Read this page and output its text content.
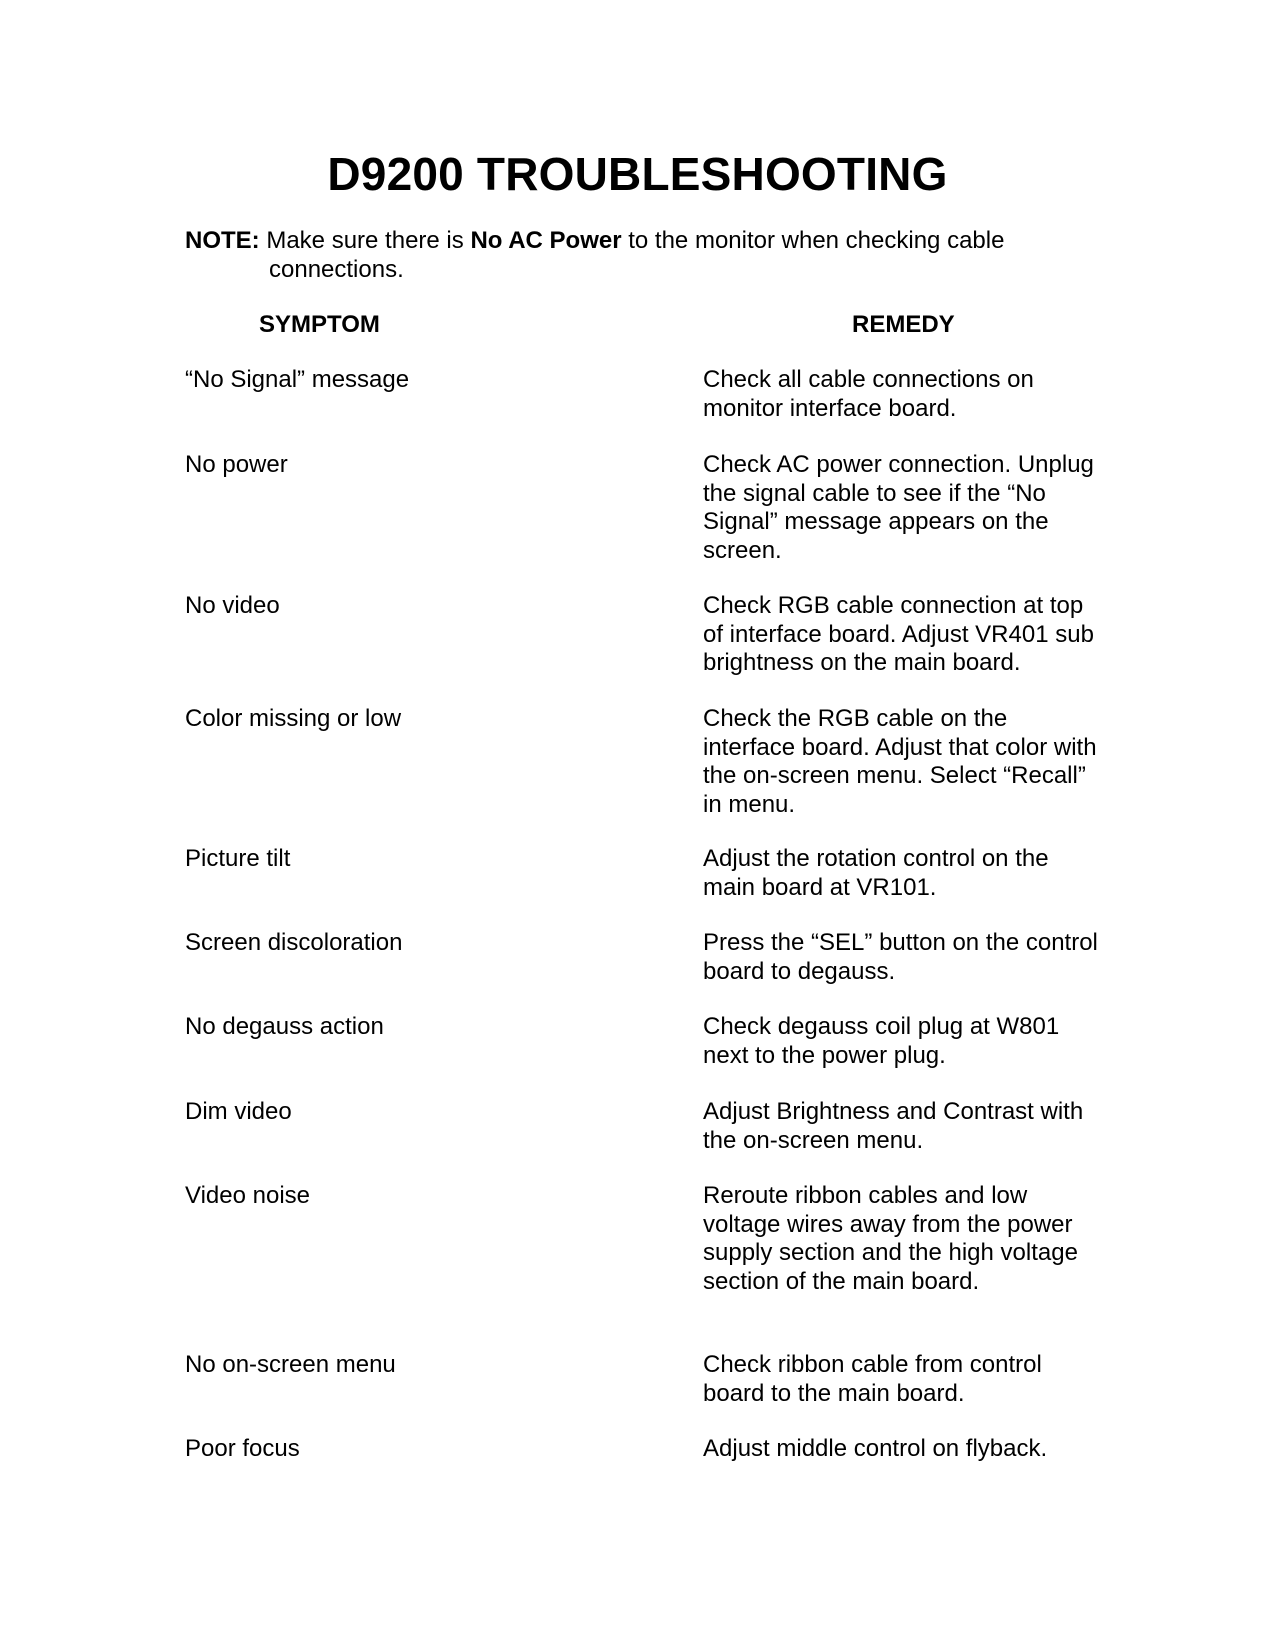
D9200 TROUBLESHOOTING
NOTE: Make sure there is No AC Power to the monitor when checking cable
connections.
SYMPTOM	REMEDY
“No Signal” message	Check all cable connections on
monitor interface board.
No power	Check AC power connection. Unplug
the signal cable to see if the “No
Signal” message appears on the
screen.
No video	Check RGB cable connection at top
of interface board. Adjust VR401 sub
brightness on the main board.
Color missing or low	Check the RGB cable on the
interface board. Adjust that color with
the on-screen menu. Select “Recall”
in menu.
Picture tilt	Adjust the rotation control on the
main board at VR101.
Screen discoloration	Press the “SEL” button on the control
board to degauss.
No degauss action	Check degauss coil plug at W801
next to the power plug.
Dim video	Adjust Brightness and Contrast with
the on-screen menu.
Video noise	Reroute ribbon cables and low
voltage wires away from the power
supply section and the high voltage
section of the main board.
No on-screen menu	Check ribbon cable from control
board to the main board.
Poor focus	Adjust middle control on flyback.
